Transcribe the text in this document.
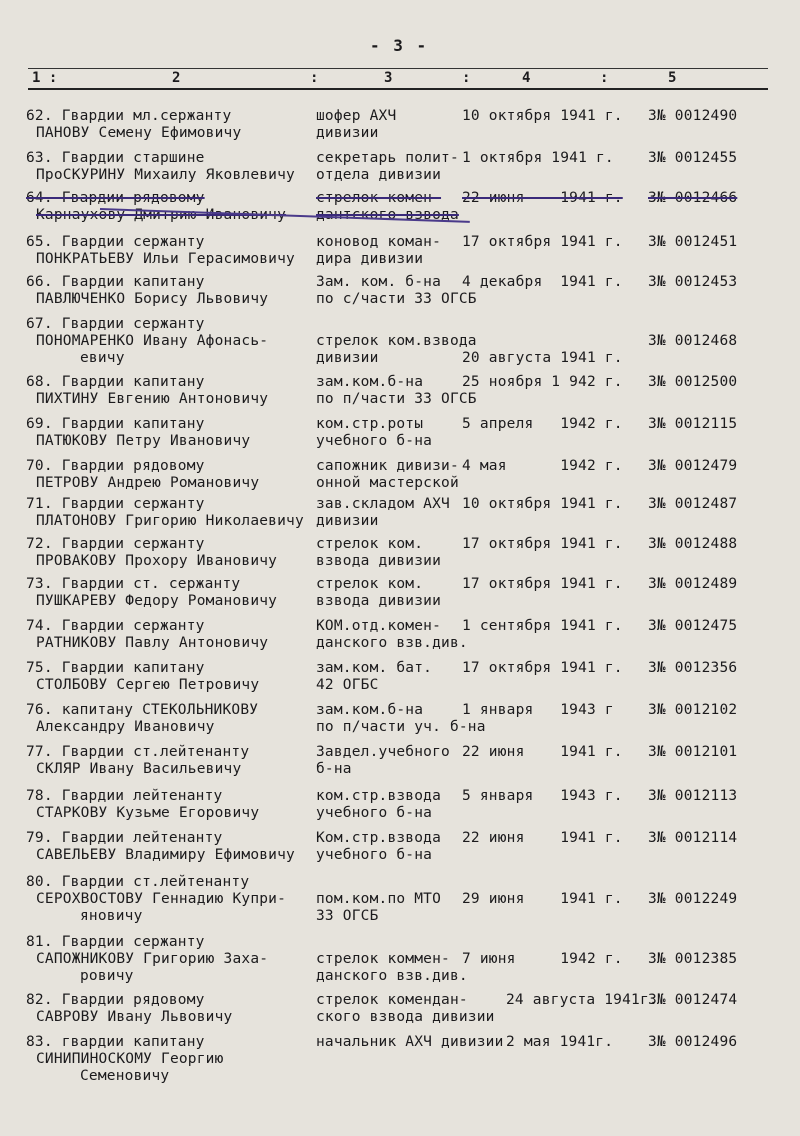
- 3 -
1 :	2	:	3	:	4	:	5
62. Гвардии мл.сержанту
ПАНОВУ Семену Ефимовичу
шофер АХЧ
дивизии
10 октября 1941 г. 3№ 0012490
63. Гвардии старшине
ПроСКУРИНУ Михаилу Яковлевичу
секретарь полит-
отдела дивизии
1 октября 1941 г. 3№ 0012455
64. Гвардии рядовому
Карнаухову Дмитрию Ивановичу
стрелок комен-
дантского взвода
22 июня    1941 г. 3№ 0012466
65. Гвардии сержанту
ПОНКРАТЬЕВУ Ильи Герасимовичу
коновод коман-
дира дивизии
17 октября 1941 г. 3№ 0012451
66. Гвардии капитану
ПАВЛЮЧЕНКО Борису Львовичу
Зам. ком. б-на
по с/части 33 ОГСБ
4 декабря  1941 г. 3№ 0012453
67. Гвардии сержанту
ПОНОМАРЕНКО Ивану Афонась-
евичу
стрелок ком.взвода
дивизии	20 августа 1941 г.
3№ 0012468
68. Гвардии капитану
ПИХТИНУ Евгению Антоновичу
зам.ком.б-на
по п/части 33 ОГСБ
25 ноября 1 942 г. 3№ 0012500
69. Гвардии капитану
ПАТЮКОВУ Петру Ивановичу
ком.стр.роты
учебного б-на
5 апреля   1942 г. 3№ 0012115
70. Гвардии рядовому
ПЕТРОВУ Андрею Романовичу
сапожник дивизи-
онной мастерской
4 мая      1942 г. 3№ 0012479
71. Гвардии сержанту
ПЛАТОНОВУ Григорию Николаевичу
зав.складом АХЧ
дивизии
10 октября 1941 г. 3№ 0012487
72. Гвардии сержанту
ПРОВАКОВУ Прохору Ивановичу
стрелок ком.
взвода дивизии
17 октября 1941 г. 3№ 0012488
73. Гвардии ст. сержанту
ПУШКАРЕВУ Федору Романовичу
стрелок ком.
взвода дивизии
17 октября 1941 г. 3№ 0012489
74. Гвардии сержанту
РАТНИКОВУ Павлу Антоновичу
КОМ.отд.комен-
данского взв.див.
1 сентября 1941 г. 3№ 0012475
75. Гвардии капитану
СТОЛБОВУ Сергею Петровичу
зам.ком. бат.
42 ОГБС
17 октября 1941 г. 3№ 0012356
76. капитану СТЕКОЛЬНИКОВУ
Александру Ивановичу
зам.ком.б-на
по п/части уч. б-на
1 января   1943 г 3№ 0012102
77. Гвардии ст.лейтенанту
СКЛЯР Ивану Васильевичу
Завдел.учебного
б-на
22 июня    1941 г. 3№ 0012101
78. Гвардии лейтенанту
СТАРКОВУ Кузьме Егоровичу
ком.стр.взвода
учебного б-на
5 января   1943 г. 3№ 0012113
79. Гвардии лейтенанту
САВЕЛЬЕВУ Владимиру Ефимовичу
Ком.стр.взвода
учебного б-на
22 июня    1941 г. 3№ 0012114
80. Гвардии ст.лейтенанту
СЕРОХВОСТОВУ Геннадию Купри-
яновичу
пом.ком.по МТО
33 ОГСБ
29 июня    1941 г. 3№ 0012249
81. Гвардии сержанту
САПОЖНИКОВУ Григорию Заха-
ровичу
стрелок коммен-
данского взв.див.
7 июня     1942 г. 3№ 0012385
82. Гвардии рядовому
САВРОВУ Ивану Львовичу
стрелок комендан-
ского взвода дивизии
24 августа 1941г.
3№ 0012474
83. гвардии капитану
СИНИПИНОСКОМУ Георгию
Семеновичу
начальник АХЧ дивизии 2 мая 1941г. 3№ 0012496
